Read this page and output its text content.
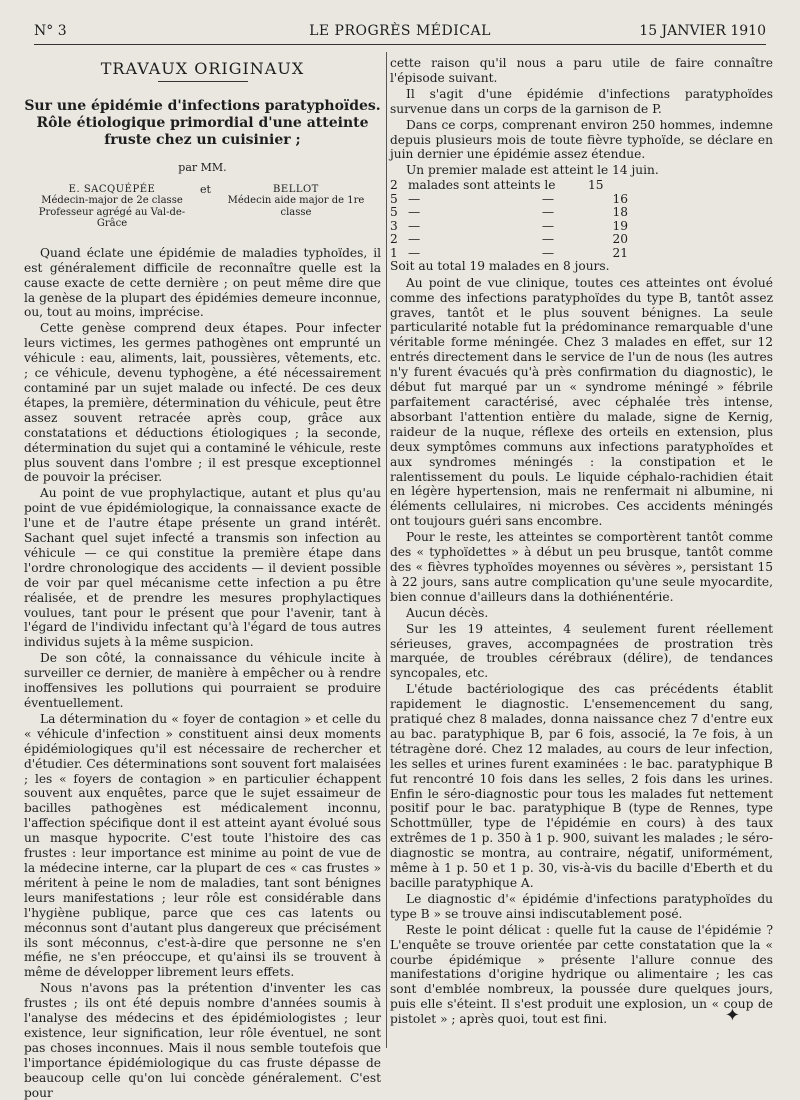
N° 3	LE PROGRÈS MÉDICAL	15 JANVIER 1910
TRAVAUX ORIGINAUX
Sur une épidémie d'infections paratyphoïdes.
Rôle étiologique primordial d'une atteinte
fruste chez un cuisinier ;
par MM.
E. SACQUÉPÉE
Médecin-major de 2e classe
Professeur agrégé au Val-de-Grâce
et	BELLOT
Médecin aide major de 1re classe

Quand éclate une épidémie de maladies typhoïdes, il est généralement difficile de reconnaître quelle est la cause exacte de cette dernière ; on peut même dire que la genèse de la plupart des épidémies demeure inconnue, ou, tout au moins, imprécise.

Cette genèse comprend deux étapes. Pour infecter leurs victimes, les germes pathogènes ont emprunté un véhicule : eau, aliments, lait, poussières, vêtements, etc. ; ce véhicule, devenu typhogène, a été nécessairement contaminé par un sujet malade ou infecté. De ces deux étapes, la première, détermination du véhicule, peut être assez souvent retracée après coup, grâce aux constatations et déductions étiologiques ; la seconde, détermination du sujet qui a contaminé le véhicule, reste plus souvent dans l'ombre ; il est presque exceptionnel de pouvoir la préciser.

Au point de vue prophylactique, autant et plus qu'au point de vue épidémiologique, la connaissance exacte de l'une et de l'autre étape présente un grand intérêt. Sachant quel sujet infecté a transmis son infection au véhicule — ce qui constitue la première étape dans l'ordre chronologique des accidents — il devient possible de voir par quel mécanisme cette infection a pu être réalisée, et de prendre les mesures prophylactiques voulues, tant pour le présent que pour l'avenir, tant à l'égard de l'individu infectant qu'à l'égard de tous autres individus sujets à la même suspicion.

De son côté, la connaissance du véhicule incite à surveiller ce dernier, de manière à empêcher ou à rendre inoffensives les pollutions qui pourraient se produire éventuellement.

La détermination du « foyer de contagion » et celle du « véhicule d'infection » constituent ainsi deux moments épidémiologiques qu'il est nécessaire de rechercher et d'étudier. Ces déterminations sont souvent fort malaisées ; les « foyers de contagion » en particulier échappent souvent aux enquêtes, parce que le sujet essaimeur de bacilles pathogènes est médicalement inconnu, l'affection spécifique dont il est atteint ayant évolué sous un masque hypocrite. C'est toute l'histoire des cas frustes : leur importance est minime au point de vue de la médecine interne, car la plupart de ces « cas frustes » méritent à peine le nom de maladies, tant sont bénignes leurs manifestations ; leur rôle est considérable dans l'hygiène publique, parce que ces cas latents ou méconnus sont d'autant plus dangereux que précisément ils sont méconnus, c'est-à-dire que personne ne s'en méfie, ne s'en préoccupe, et qu'ainsi ils se trouvent à même de développer librement leurs effets.

Nous n'avons pas la prétention d'inventer les cas frustes ; ils ont été depuis nombre d'années soumis à l'analyse des médecins et des épidémiologistes ; leur existence, leur signification, leur rôle éventuel, ne sont pas choses inconnues. Mais il nous semble toutefois que l'importance épidémiologique du cas fruste dépasse de beaucoup celle qu'on lui concède généralement. C'est pour

cette raison qu'il nous a paru utile de faire connaître l'épisode suivant.

Il s'agit d'une épidémie d'infections paratyphoïdes survenue dans un corps de la garnison de P.

Dans ce corps, comprenant environ 250 hommes, indemne depuis plusieurs mois de toute fièvre typhoïde, se déclare en juin dernier une épidémie assez étendue.

Un premier malade est atteint le 14 juin.

2 malades sont atteints le	15
5 —	—	16
5 —	—	18
3 —	—	19
2 —	—	20
1 —	—	21
Soit au total 19 malades en 8 jours.

Au point de vue clinique, toutes ces atteintes ont évolué comme des infections paratyphoïdes du type B, tantôt assez graves, tantôt et le plus souvent bénignes. La seule particularité notable fut la prédominance remarquable d'une véritable forme méningée. Chez 3 malades en effet, sur 12 entrés directement dans le service de l'un de nous (les autres n'y furent évacués qu'à près confirmation du diagnostic), le début fut marqué par un « syndrome méningé » fébrile parfaitement caractérisé, avec céphalée très intense, absorbant l'attention entière du malade, signe de Kernig, raideur de la nuque, réflexe des orteils en extension, plus deux symptômes communs aux infections paratyphoïdes et aux syndromes méningés : la constipation et le ralentissement du pouls. Le liquide céphalo-rachidien était en légère hypertension, mais ne renfermait ni albumine, ni éléments cellulaires, ni microbes. Ces accidents méningés ont toujours guéri sans encombre.

Pour le reste, les atteintes se comportèrent tantôt comme des « typhoïdettes » à début un peu brusque, tantôt comme des « fièvres typhoïdes moyennes ou sévères », persistant 15 à 22 jours, sans autre complication qu'une seule myocardite, bien connue d'ailleurs dans la dothiénentérie.

Aucun décès.

Sur les 19 atteintes, 4 seulement furent réellement sérieuses, graves, accompagnées de prostration très marquée, de troubles cérébraux (délire), de tendances syncopales, etc.

L'étude bactériologique des cas précédents établit rapidement le diagnostic. L'ensemencement du sang, pratiqué chez 8 malades, donna naissance chez 7 d'entre eux au bac. paratyphique B, par 6 fois, associé, la 7e fois, à un tétragène doré. Chez 12 malades, au cours de leur infection, les selles et urines furent examinées : le bac. paratyphique B fut rencontré 10 fois dans les selles, 2 fois dans les urines. Enfin le séro-diagnostic pour tous les malades fut nettement positif pour le bac. paratyphique B (type de Rennes, type Schottmüller, type de l'épidémie en cours) à des taux extrêmes de 1 p. 350 à 1 p. 900, suivant les malades ; le séro-diagnostic se montra, au contraire, négatif, uniformément, même à 1 p. 50 et 1 p. 30, vis-à-vis du bacille d'Eberth et du bacille paratyphique A.

Le diagnostic d'« épidémie d'infections paratyphoïdes du type B » se trouve ainsi indiscutablement posé.

Reste le point délicat : quelle fut la cause de l'épidémie ? L'enquête se trouve orientée par cette constatation que la « courbe épidémique » présente l'allure connue des manifestations d'origine hydrique ou alimentaire ; les cas sont d'emblée nombreux, la poussée dure quelques jours, puis elle s'éteint. Il s'est produit une explosion, un « coup de pistolet » ; après quoi, tout est fini.	✦
